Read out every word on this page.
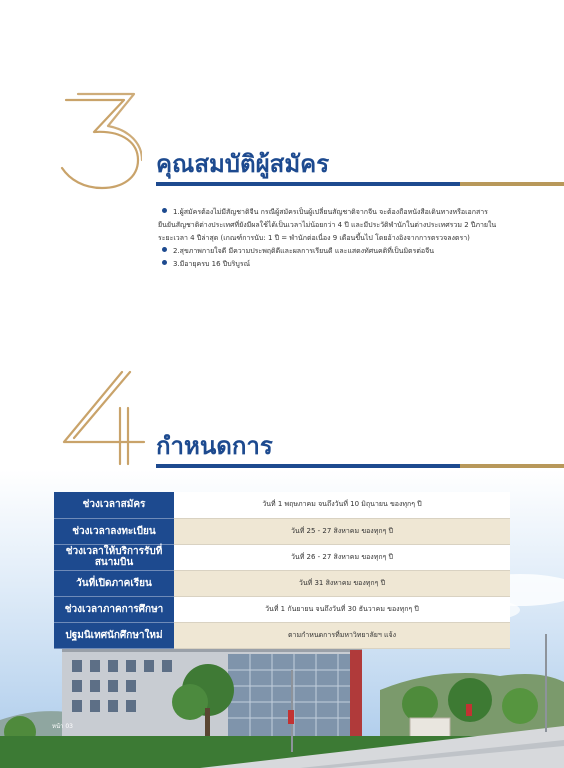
คุณสมบัติผู้สมัคร
1.ผู้สมัครต้องไม่มีสัญชาติจีน กรณีผู้สมัครเป็นผู้เปลี่ยนสัญชาติจากจีน จะต้องถือหนังสือเดินทางหรือเอกสาร
ยืนยันสัญชาติต่างประเทศที่ยังมีผลใช้ได้เป็นเวลาไม่น้อยกว่า 4 ปี และมีประวัติพำนักในต่างประเทศรวม 2 ปีภายใน
ระยะเวลา 4 ปีล่าสุด (เกณฑ์การนับ: 1 ปี = พำนักต่อเนื่อง 9 เดือนขึ้นไป โดยอ้างอิงจากการตรวจลงตรา)
2.สุขภาพกายใจดี มีความประพฤติดีและผลการเรียนดี และแสดงทัศนคติที่เป็นมิตรต่อจีน
3.มีอายุครบ 16 ปีบริบูรณ์
กำหนดการ
ช่วงเวลาสมัคร	วันที่ 1 พฤษภาคม จนถึงวันที่ 10 มิถุนายน ของทุกๆ ปี
ช่วงเวลาลงทะเบียน	วันที่ 25 - 27 สิงหาคม ของทุกๆ ปี
ช่วงเวลาให้บริการรับที่สนามบิน	วันที่ 26 - 27 สิงหาคม ของทุกๆ ปี
วันที่เปิดภาคเรียน	วันที่ 31 สิงหาคม ของทุกๆ ปี
ช่วงเวลาภาคการศึกษา	วันที่ 1 กันยายน จนถึงวันที่ 30 ธันวาคม ของทุกๆ ปี
ปฐมนิเทศนักศึกษาใหม่	ตามกำหนดการที่มหาวิทยาลัยฯ แจ้ง
หน้า 03
